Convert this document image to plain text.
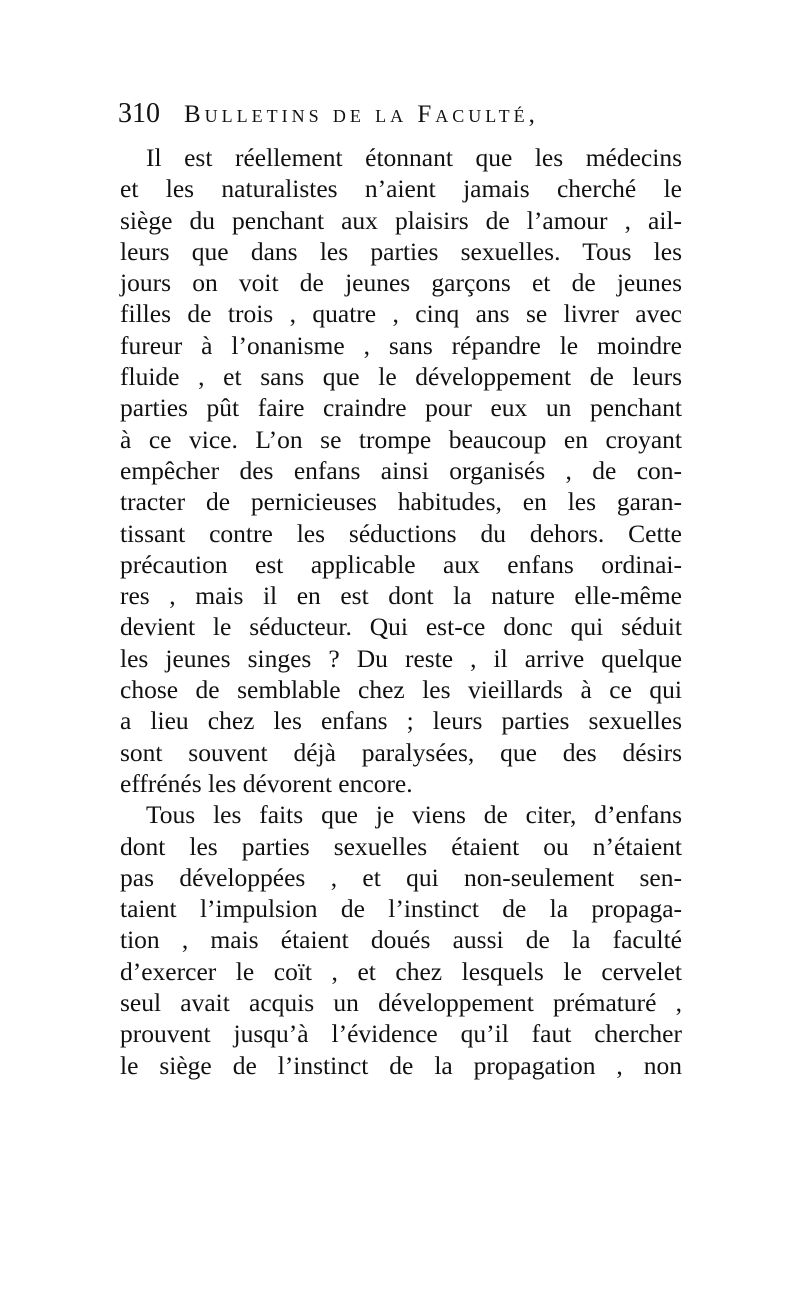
310 Bulletins de la Faculté,
Il est réellement étonnant que les médecins
et les naturalistes n’aient jamais cherché le
siège du penchant aux plaisirs de l’amour , ail-
leurs que dans les parties sexuelles. Tous les
jours on voit de jeunes garçons et de jeunes
filles de trois , quatre , cinq ans se livrer avec
fureur à l’onanisme , sans répandre le moindre
fluide , et sans que le développement de leurs
parties pût faire craindre pour eux un penchant
à ce vice. L’on se trompe beaucoup en croyant
empêcher des enfans ainsi organisés , de con-
tracter de pernicieuses habitudes, en les garan-
tissant contre les séductions du dehors. Cette
précaution est applicable aux enfans ordinai-
res , mais il en est dont la nature elle-même
devient le séducteur. Qui est-ce donc qui séduit
les jeunes singes ? Du reste , il arrive quelque
chose de semblable chez les vieillards à ce qui
a lieu chez les enfans ; leurs parties sexuelles
sont souvent déjà paralysées, que des désirs
effrénés les dévorent encore.
Tous les faits que je viens de citer, d’enfans
dont les parties sexuelles étaient ou n’étaient
pas développées , et qui non-seulement sen-
taient l’impulsion de l’instinct de la propaga-
tion , mais étaient doués aussi de la faculté
d’exercer le coït , et chez lesquels le cervelet
seul avait acquis un développement prématuré ,
prouvent jusqu’à l’évidence qu’il faut chercher
le siège de l’instinct de la propagation , non
